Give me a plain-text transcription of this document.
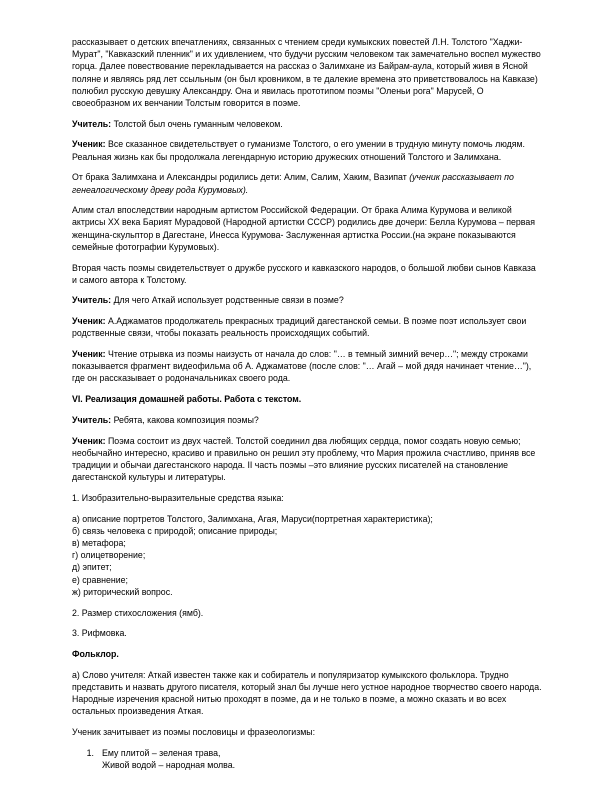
рассказывает о детских впечатлениях, связанных с чтением среди кумыкских повестей Л.Н. Толстого "Хаджи-Мурат", "Кавказский пленник" и их удивлением, что будучи русским человеком так замечательно воспел мужество горца. Далее повествование перекладывается на рассказ о Залимхане из Байрам-аула, который живя в Ясной поляне и являясь ряд лет ссыльным (он был кровником, в те далекие времена это приветствовалось на Кавказе) полюбил русскую девушку Александру. Она и явилась прототипом поэмы "Оленьи рога" Марусей, О своеобразном их венчании Толстым говорится в поэме.

Учитель: Толстой был очень гуманным человеком.

Ученик: Все сказанное свидетельствует о гуманизме Толстого, о его умении в трудную минуту помочь людям. Реальная жизнь как бы продолжала легендарную историю дружеских отношений Толстого и Залимхана.

От брака Залимхана и Александры родились дети: Алим, Салим, Хаким, Вазипат (ученик рассказывает по генеалогическому древу рода Курумовых).

Алим стал впоследствии народным артистом Российской Федерации. От брака Алима Курумова и великой актрисы XX века Барият Мурадовой (Народной артистки СССР) родились две дочери: Белла Курумова – первая женщина-скульптор в Дагестане, Инесса Курумова- Заслуженная артистка России.(на экране показываются семейные фотографии Курумовых).

Вторая часть поэмы свидетельствует о дружбе русского и кавказского народов, о большой любви сынов Кавказа и самого автора к Толстому.

Учитель: Для чего Аткай использует родственные связи в поэме?

Ученик: А.Аджаматов продолжатель прекрасных традиций дагестанской семьи. В поэме поэт использует свои родственные связи, чтобы показать реальность происходящих событий.

Ученик: Чтение отрывка из поэмы наизусть от начала до слов: "… в темный зимний вечер…"; между строками показывается фрагмент видеофильма об А. Аджаматове (после слов: "… Агай – мой дядя начинает чтение…"), где он рассказывает о родоначальниках своего рода.

VI. Реализация домашней работы. Работа с текстом.

Учитель: Ребята, какова композиция поэмы?

Ученик: Поэма состоит из двух частей. Толстой соединил два любящих сердца, помог создать новую семью; необычайно интересно, красиво и правильно он решил эту проблему, что Мария прожила счастливо, приняв все традиции и обычаи дагестанского народа. II часть поэмы –это влияние русских писателей на становление дагестанской культуры и литературы.

1. Изобразительно-выразительные средства языка:

а) описание портретов Толстого, Залимхана, Агая, Маруси(портретная характеристика);
б) связь человека с природой; описание природы;
в) метафора;
г) олицетворение;
д) эпитет;
е) сравнение;
ж) риторический вопрос.

2. Размер стихосложения (ямб).

3. Рифмовка.

Фольклор.

а) Слово учителя: Аткай известен также как и собиратель и популяризатор кумыкского фольклора. Трудно представить и назвать другого писателя, который знал бы лучше него устное народное творчество своего народа. Народные изречения красной нитью проходят в поэме, да и не только в поэме, а можно сказать и во всех остальных произведения Аткая.

Ученик зачитывает из поэмы пословицы и фразеологизмы:

1. Ему плитой – зеленая трава,
Живой водой – народная молва.
